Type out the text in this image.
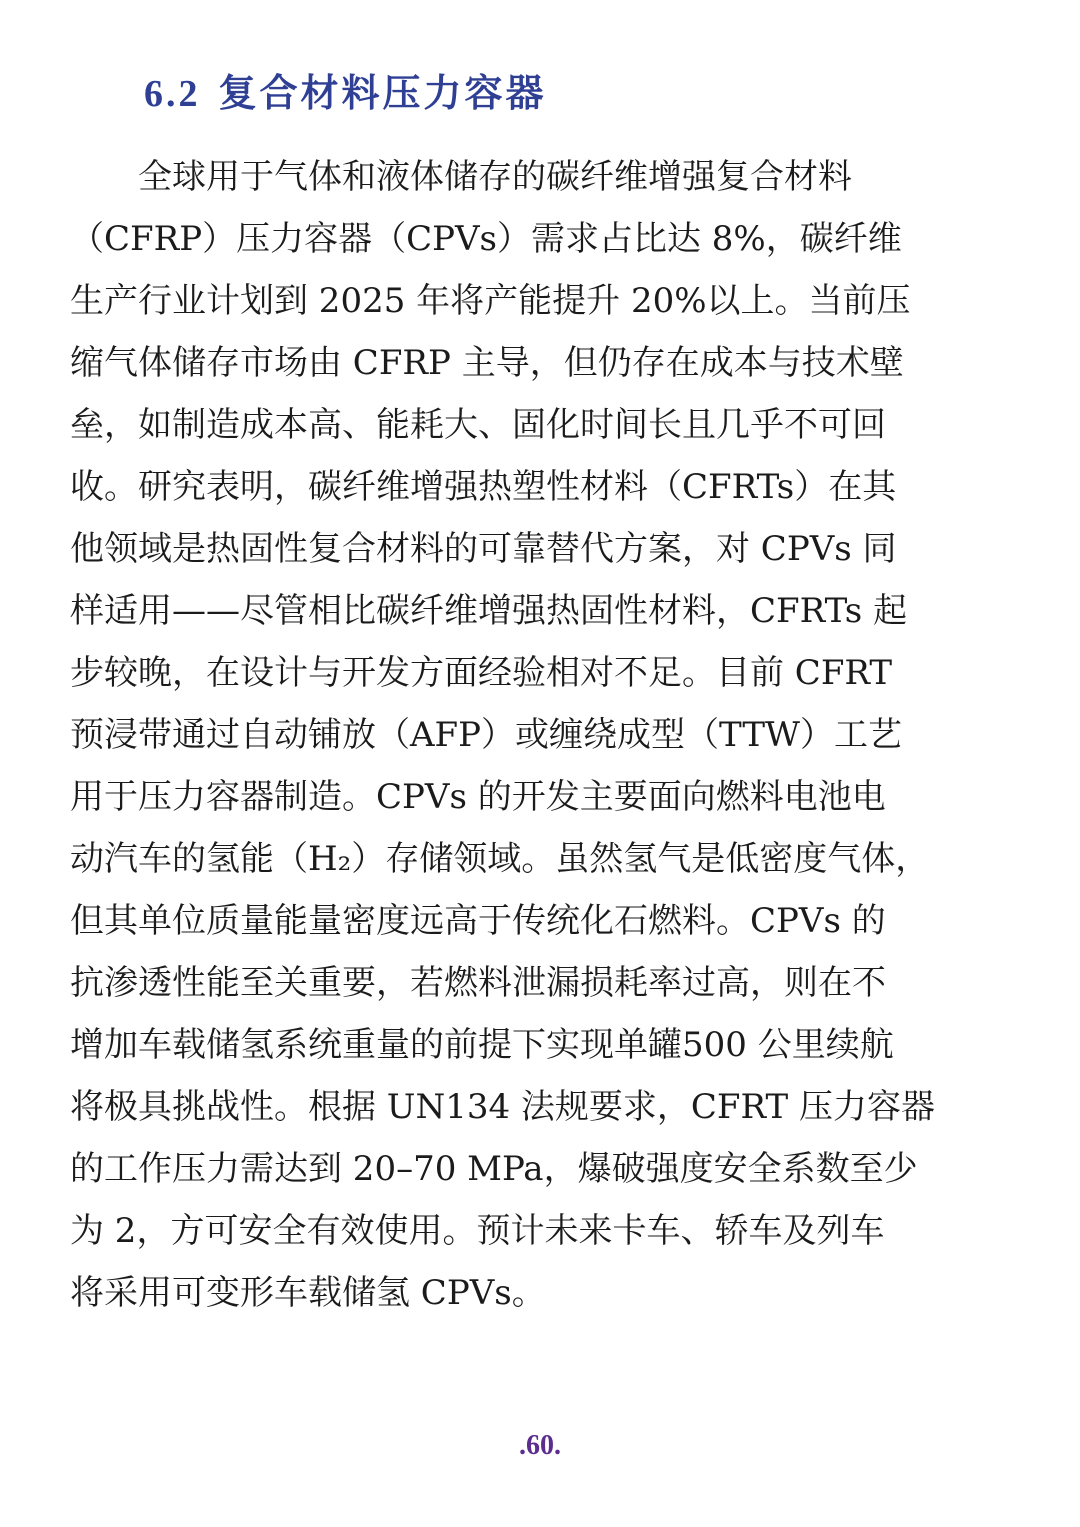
6.2 复合材料压力容器

　　全球用于气体和液体储存的碳纤维增强复合材料
（CFRP）压力容器（CPVs）需求占比达 8%，碳纤维
生产行业计划到 2025 年将产能提升 20%以上。当前压
缩气体储存市场由 CFRP 主导，但仍存在成本与技术壁
垒，如制造成本高、能耗大、固化时间长且几乎不可回
收。研究表明，碳纤维增强热塑性材料（CFRTs）在其
他领域是热固性复合材料的可靠替代方案，对 CPVs 同
样适用——尽管相比碳纤维增强热固性材料，CFRTs 起
步较晚，在设计与开发方面经验相对不足。目前 CFRT
预浸带通过自动铺放（AFP）或缠绕成型（TTW）工艺
用于压力容器制造。CPVs 的开发主要面向燃料电池电
动汽车的氢能（H₂）存储领域。虽然氢气是低密度气体，
但其单位质量能量密度远高于传统化石燃料。CPVs 的
抗渗透性能至关重要，若燃料泄漏损耗率过高，则在不
增加车载储氢系统重量的前提下实现单罐500 公里续航
将极具挑战性。根据 UN134 法规要求，CFRT 压力容器
的工作压力需达到 20–70 MPa，爆破强度安全系数至少
为 2，方可安全有效使用。预计未来卡车、轿车及列车
将采用可变形车载储氢 CPVs。

.60.
